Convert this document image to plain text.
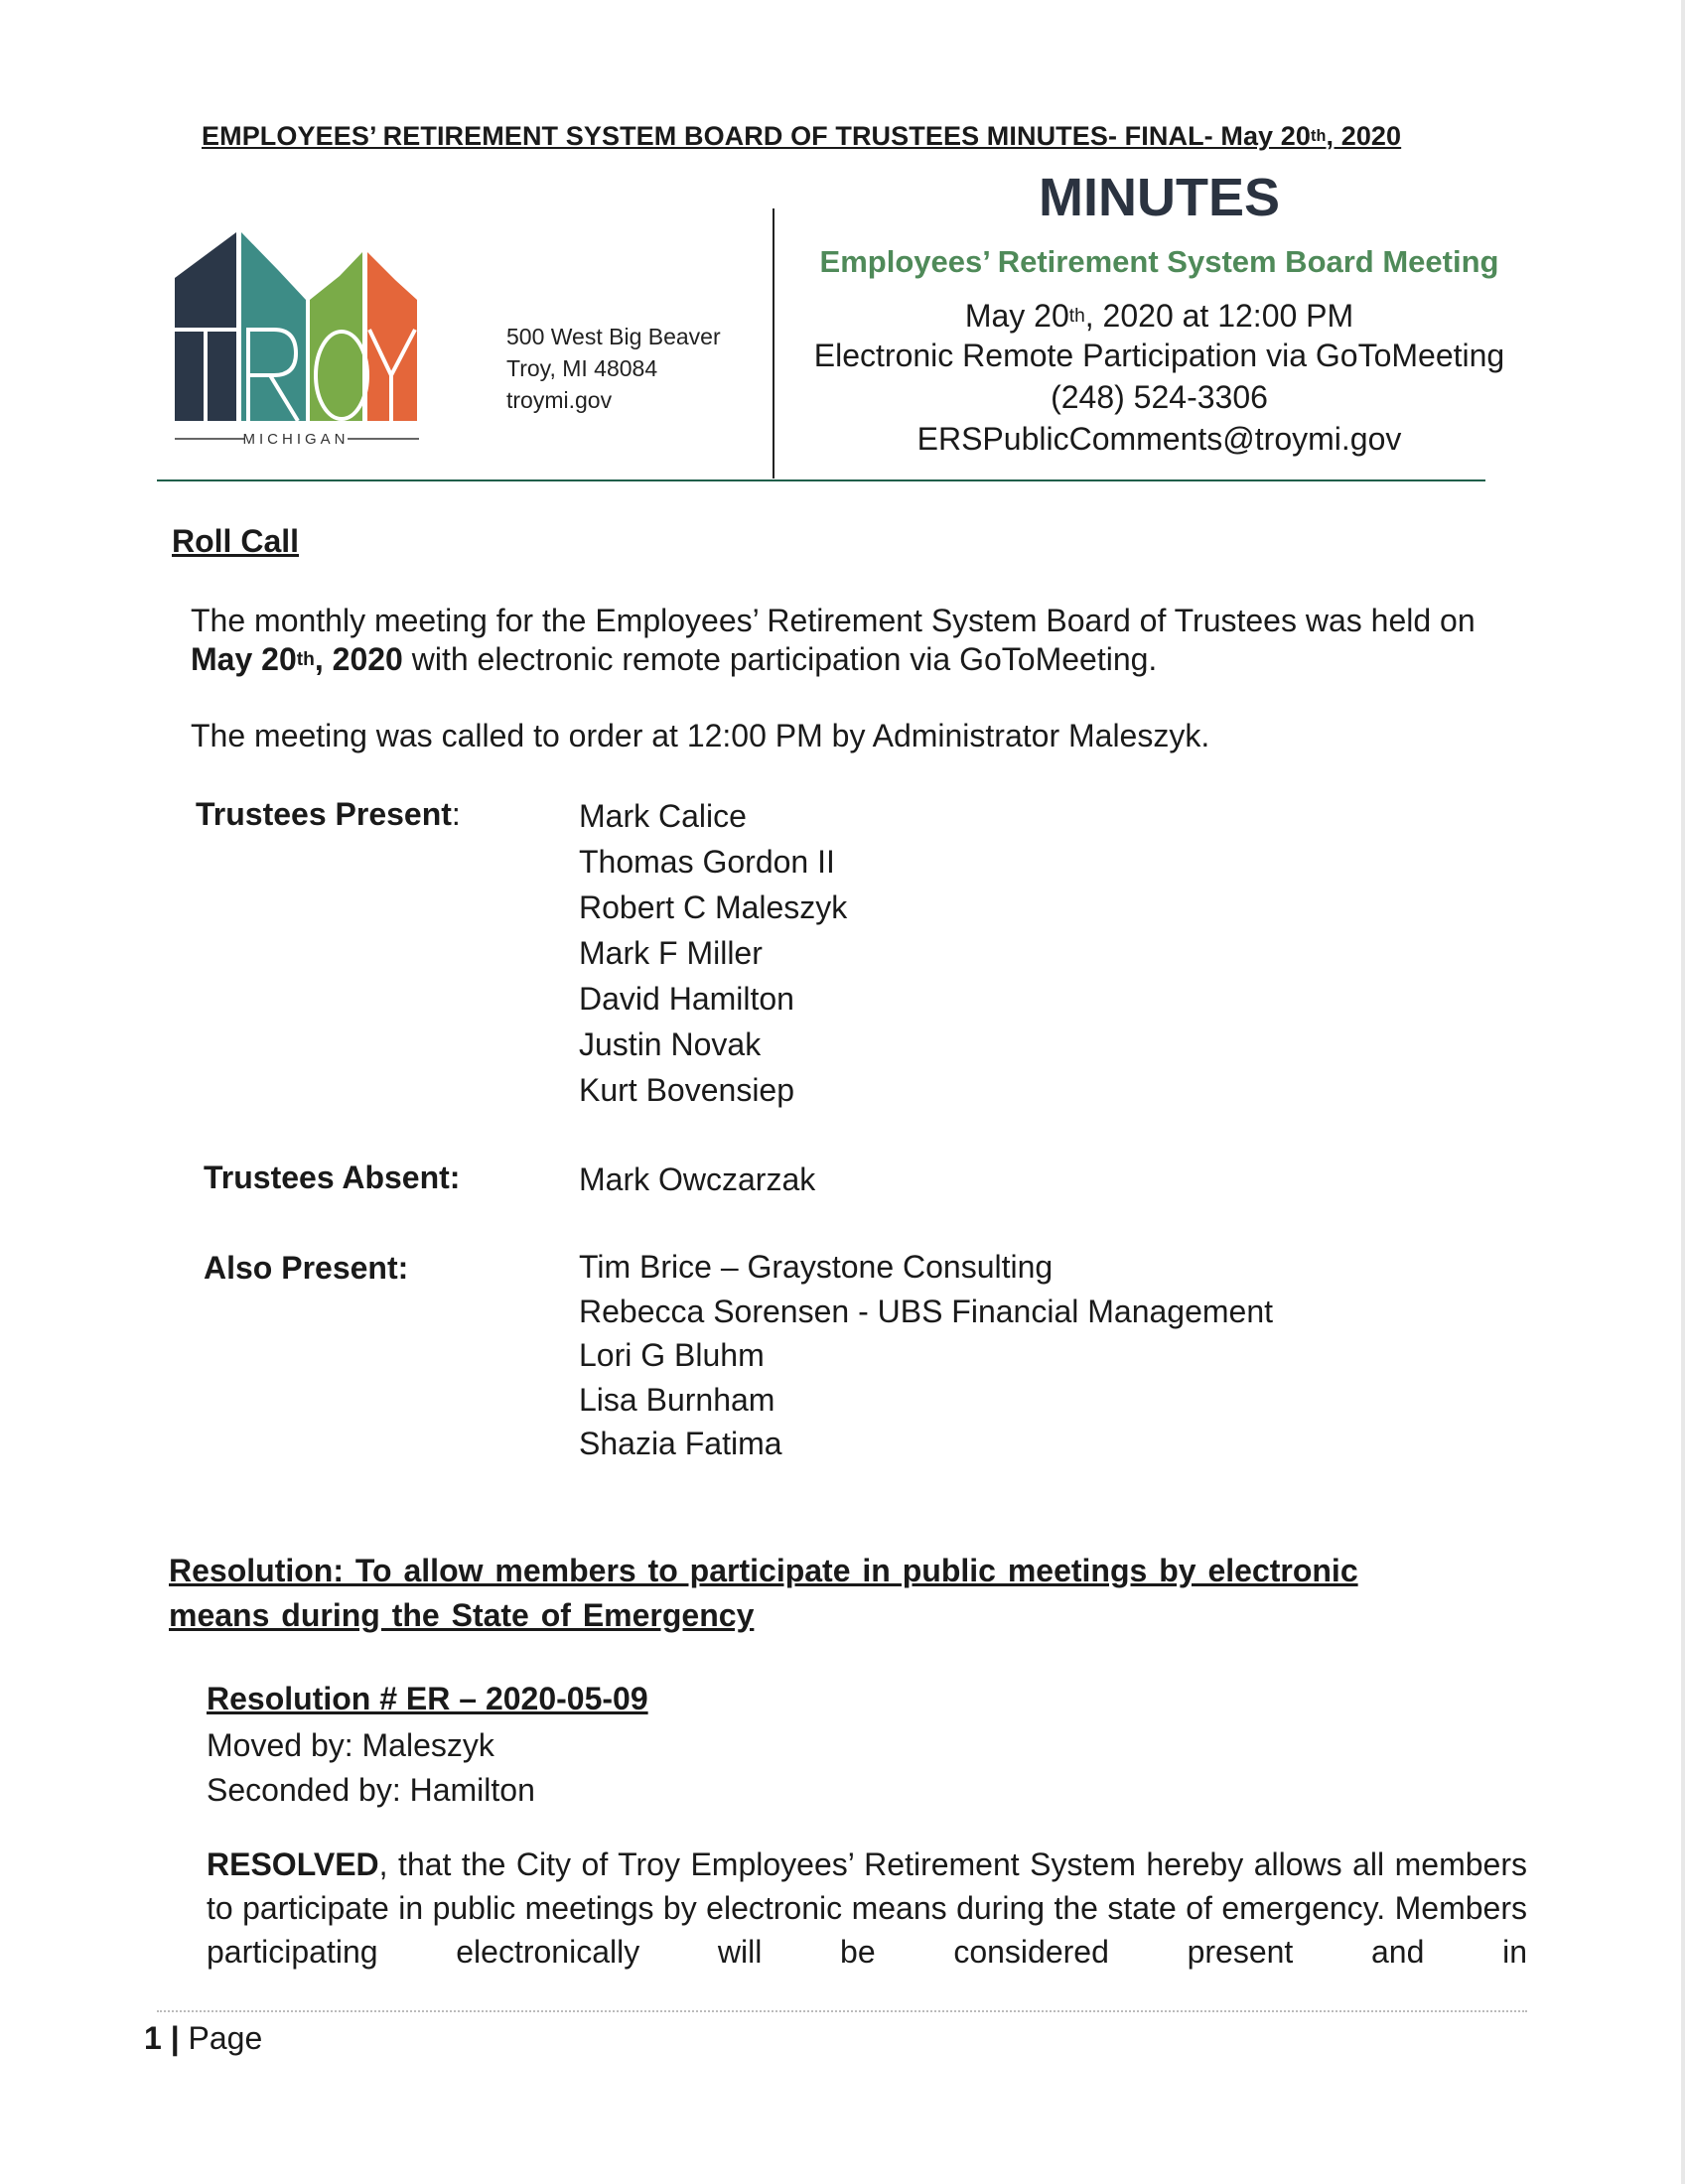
EMPLOYEES’ RETIREMENT SYSTEM BOARD OF TRUSTEES MINUTES- FINAL- May 20th, 2020
MICHIGAN
500 West Big Beaver
Troy, MI 48084
troymi.gov
MINUTES
Employees’ Retirement System Board Meeting
May 20th, 2020 at 12:00 PM
Electronic Remote Participation via GoToMeeting
(248) 524-3306
ERSPublicComments@troymi.gov
Roll Call
The monthly meeting for the Employees’ Retirement System Board of Trustees was held on May 20th, 2020 with electronic remote participation via GoToMeeting.
The meeting was called to order at 12:00 PM by Administrator Maleszyk.
Trustees Present:	Mark Calice
Thomas Gordon II
Robert C Maleszyk
Mark F Miller
David Hamilton
Justin Novak
Kurt Bovensiep
Trustees Absent:	Mark Owczarzak
Also Present:	Tim Brice – Graystone Consulting
Rebecca Sorensen - UBS Financial Management
Lori G Bluhm
Lisa Burnham
Shazia Fatima
Resolution: To allow members to participate in public meetings by electronic means during the State of Emergency
Resolution # ER – 2020-05-09
Moved by: Maleszyk
Seconded by: Hamilton
RESOLVED, that the City of Troy Employees’ Retirement System hereby allows all members to participate in public meetings by electronic means during the state of emergency. Members participating electronically will be considered present and in
1 | Page
